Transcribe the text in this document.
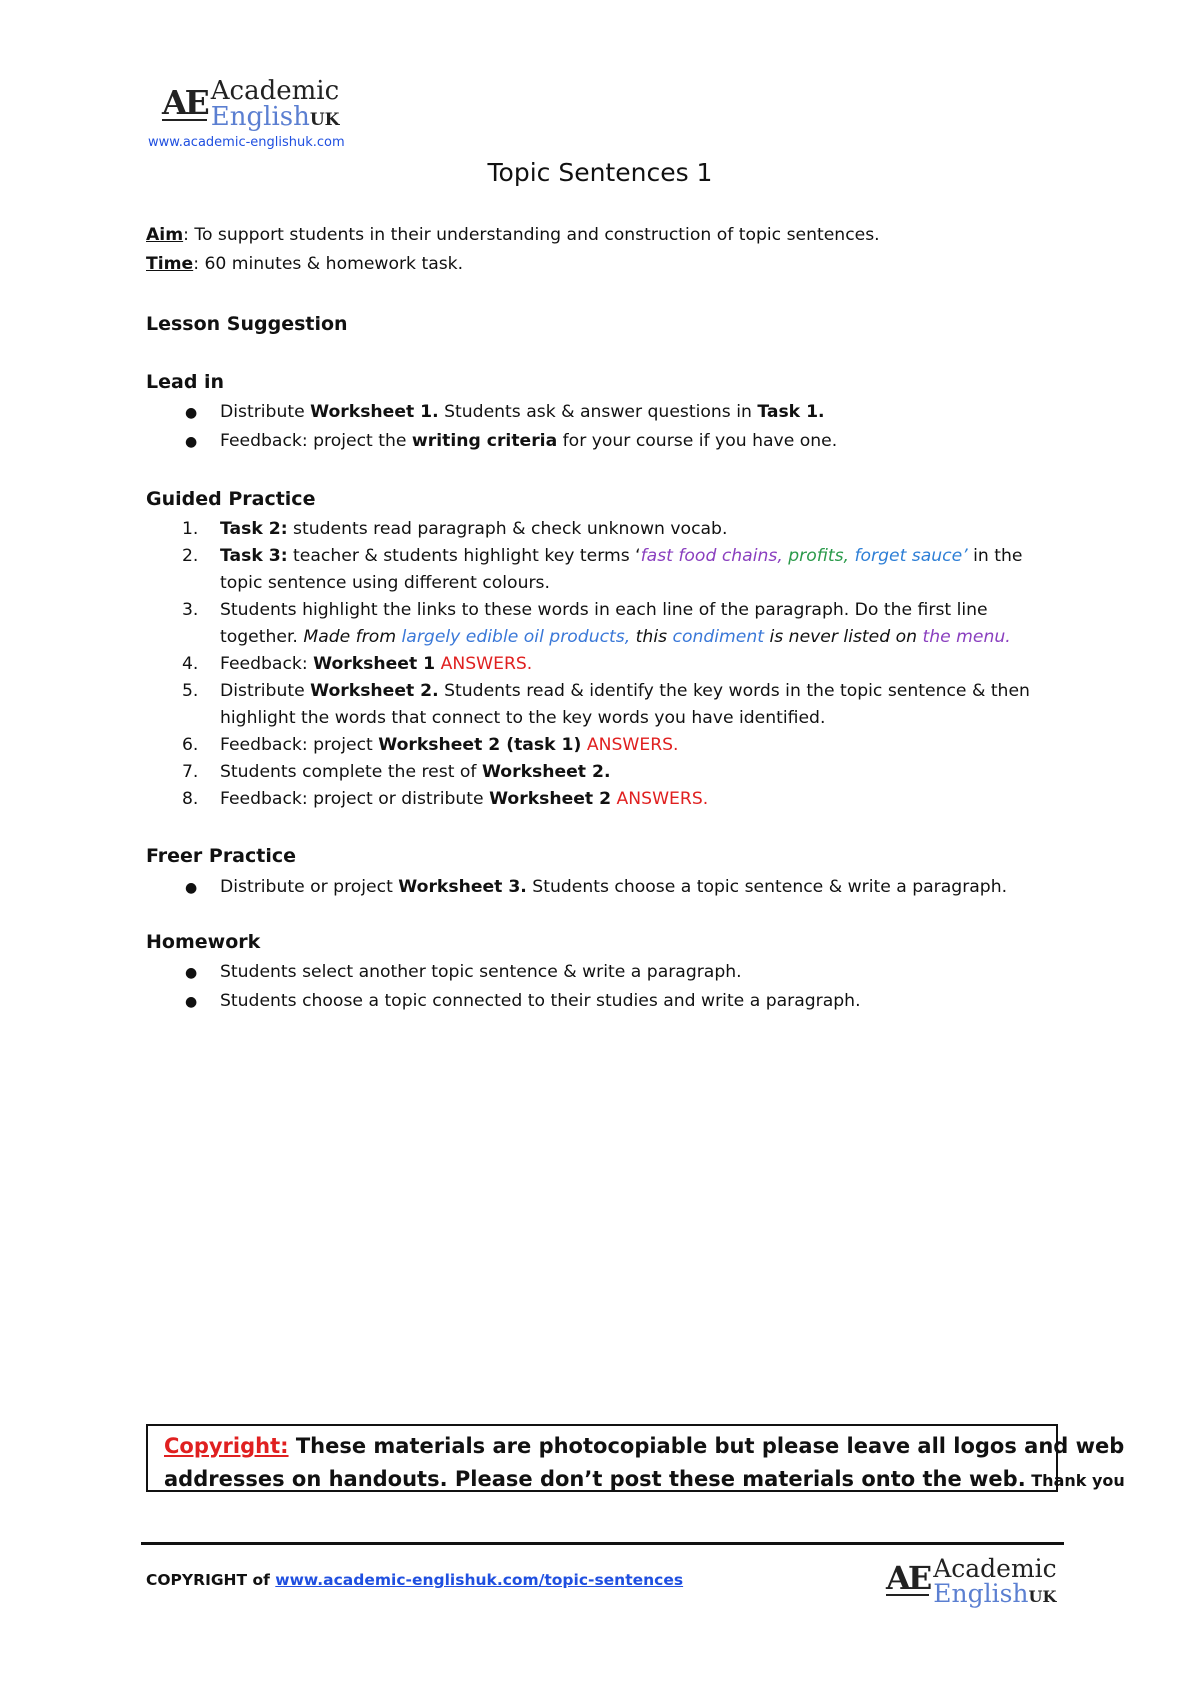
AE Academic
EnglishUK
www.academic-englishuk.com
Topic Sentences 1
Aim: To support students in their understanding and construction of topic sentences.
Time: 60 minutes & homework task.
Lesson Suggestion
Lead in
● Distribute Worksheet 1. Students ask & answer questions in Task 1.
● Feedback: project the writing criteria for your course if you have one.
Guided Practice
1. Task 2: students read paragraph & check unknown vocab.
2. Task 3: teacher & students highlight key terms ‘fast food chains, profits, forget sauce’ in the
topic sentence using different colours.
3. Students highlight the links to these words in each line of the paragraph. Do the first line
together. Made from largely edible oil products, this condiment is never listed on the menu.
4. Feedback: Worksheet 1 ANSWERS.
5. Distribute Worksheet 2. Students read & identify the key words in the topic sentence & then
highlight the words that connect to the key words you have identified.
6. Feedback: project Worksheet 2 (task 1) ANSWERS.
7. Students complete the rest of Worksheet 2.
8. Feedback: project or distribute Worksheet 2 ANSWERS.
Freer Practice
● Distribute or project Worksheet 3. Students choose a topic sentence & write a paragraph.
Homework
● Students select another topic sentence & write a paragraph.
● Students choose a topic connected to their studies and write a paragraph.
Copyright: These materials are photocopiable but please leave all logos and web
addresses on handouts. Please don’t post these materials onto the web. Thank you
COPYRIGHT of www.academic-englishuk.com/topic-sentences	AE Academic
EnglishUK
